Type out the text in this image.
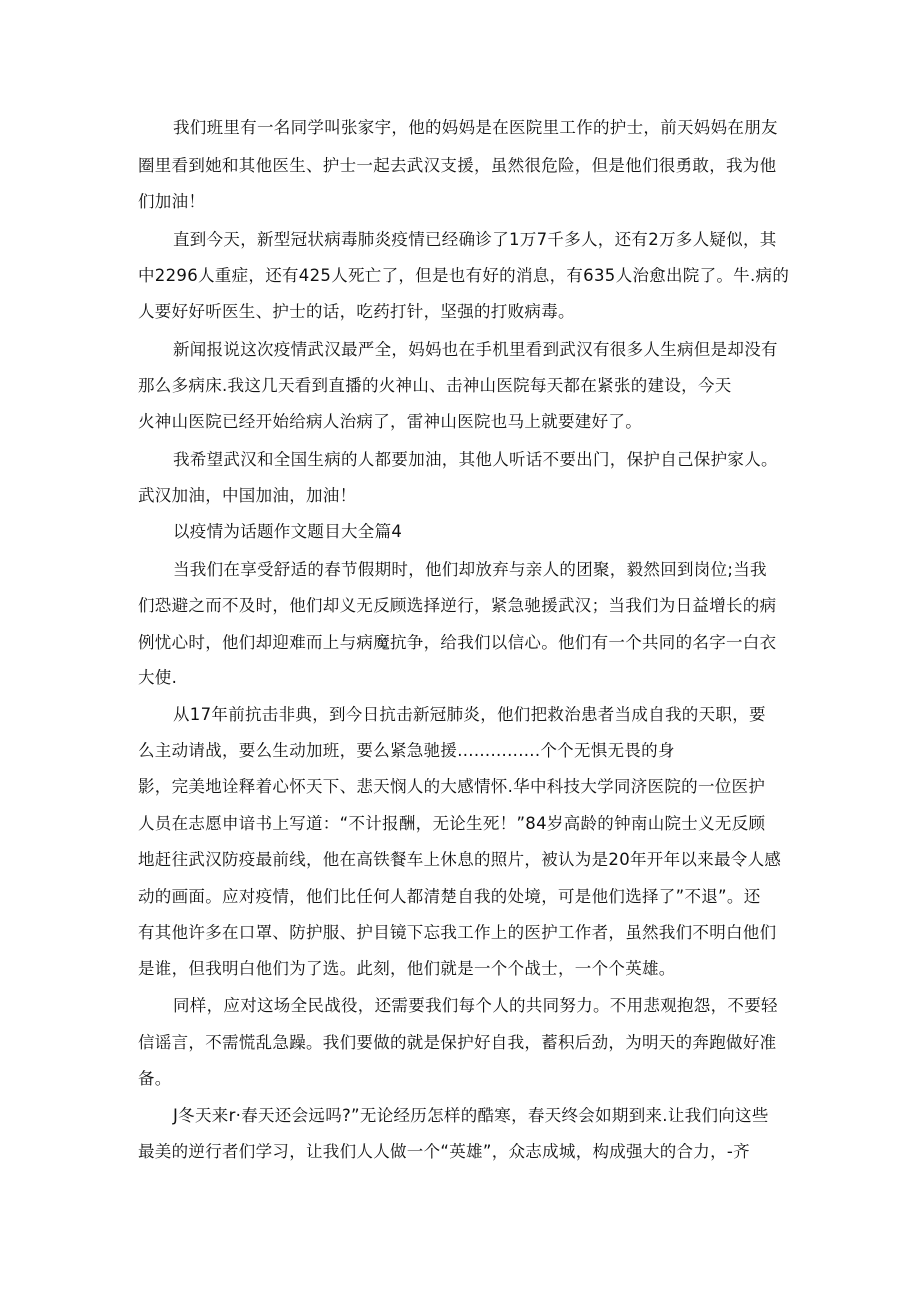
我们班里有一名同学叫张家宇，他的妈妈是在医院里工作的护士，前天妈妈在朋友
圈里看到她和其他医生、护士一起去武汉支援，虽然很危险，但是他们很勇敢，我为他
们加油！
直到今天，新型冠状病毒肺炎疫情已经确诊了1万7千多人，还有2万多人疑似，其
中2296人重症，还有425人死亡了，但是也有好的消息，有635人治愈出院了。牛.病的
人要好好听医生、护士的话，吃药打针，坚强的打败病毒。
新闻报说这次疫情武汉最严全，妈妈也在手机里看到武汉有很多人生病但是却没有
那么多病床.我这几天看到直播的火神山、击神山医院每天都在紧张的建设，今天
火神山医院已经开始给病人治病了，雷神山医院也马上就要建好了。
我希望武汉和全国生病的人都要加油，其他人听话不要出门，保护自己保护家人。
武汉加油，中国加油，加油！
以疫情为话题作文题目大全篇4
当我们在享受舒适的春节假期时，他们却放弃与亲人的团聚，毅然回到岗位;当我
们恐避之而不及时，他们却义无反顾选择逆行，紧急驰援武汉；当我们为日益增长的病
例忧心时，他们却迎难而上与病魔抗争，给我们以信心。他们有一个共同的名字一白衣
大使.
从17年前抗击非典，到今日抗击新冠肺炎，他们把救治患者当成自我的天职，要
么主动请战，要么生动加班，要么紧急驰援...............个个无惧无畏的身
影，完美地诠释着心怀天下、悲天悯人的大感情怀.华中科技大学同济医院的一位医护
人员在志愿申谙书上写道：“不计报酬，无论生死！”84岁高龄的钟南山院士义无反顾
地赶往武汉防疫最前线，他在高铁餐车上休息的照片，被认为是20年开年以来最令人感
动的画面。应对疫情，他们比任何人都清楚自我的处境，可是他们选择了”不退”。还
有其他许多在口罩、防护服、护目镜下忘我工作上的医护工作者，虽然我们不明白他们
是谁，但我明白他们为了选。此刻，他们就是一个个战士，一个个英雄。
同样，应对这场全民战役，还需要我们每个人的共同努力。不用悲观抱怨，不要轻
信谣言，不需慌乱急躁。我们要做的就是保护好自我，蓄积后劲，为明天的奔跑做好准
备。
J冬天来r·春天还会远吗?”无论经历怎样的酷寒，春天终会如期到来.让我们向这些
最美的逆行者们学习，让我们人人做一个“英雄”，众志成城，构成强大的合力，-齐
